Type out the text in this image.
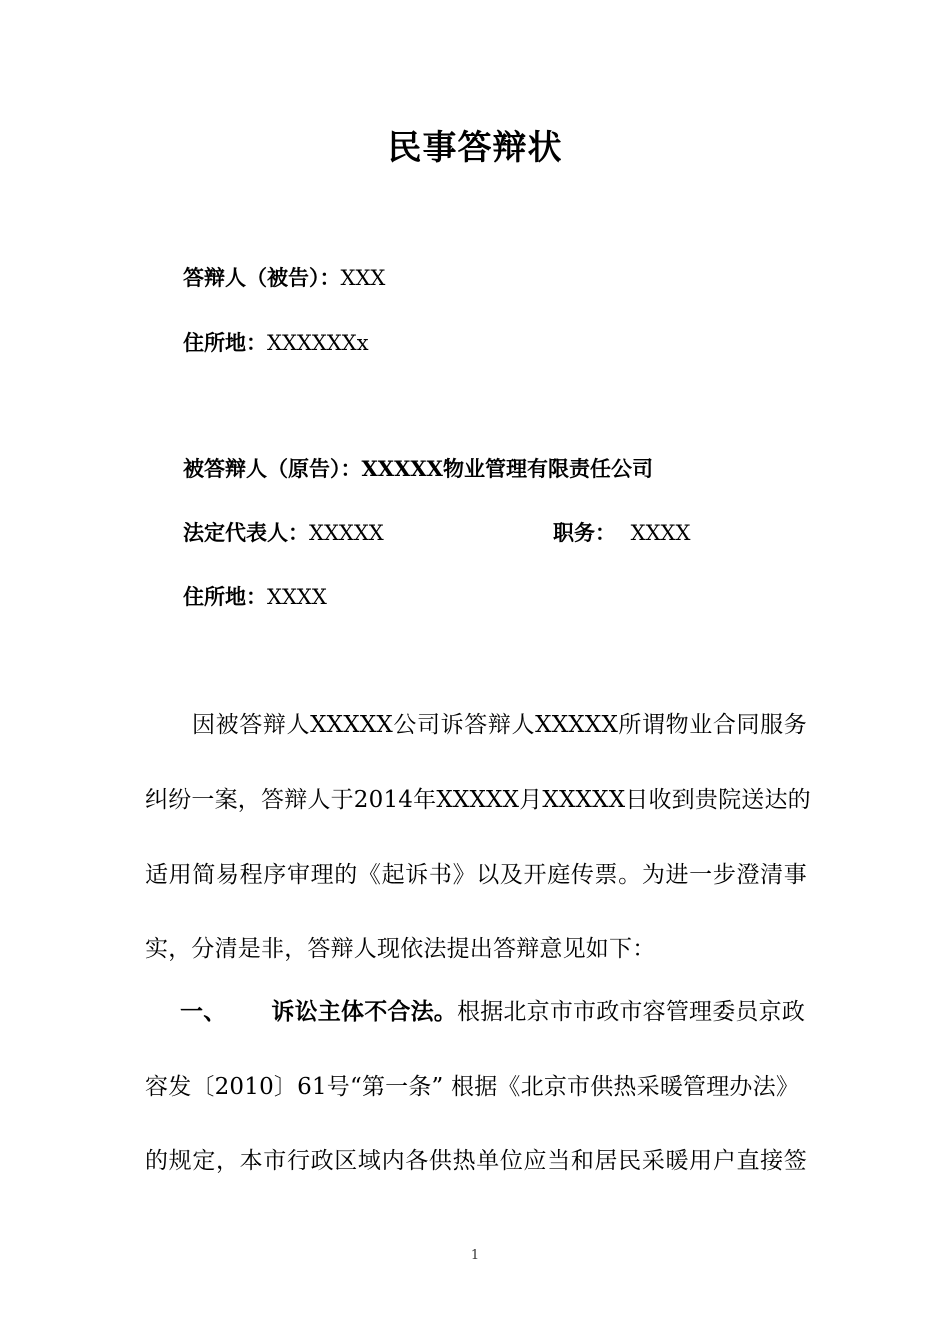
民事答辩状
答辩人（被告）：XXX
住所地：XXXXXXx
被答辩人（原告）：XXXXX物业管理有限责任公司
法定代表人：XXXXX	职务： XXXX
住所地：XXXX
因被答辩人XXXXX公司诉答辩人XXXXX所谓物业合同服务
纠纷一案，答辩人于2014年XXXXX月XXXXX日收到贵院送达的
适用简易程序审理的《起诉书》以及开庭传票。为进一步澄清事
实，分清是非，答辩人现依法提出答辩意见如下：
一、 诉讼主体不合法。根据北京市市政市容管理委员京政
容发〔2010〕61号“第一条” 根据《北京市供热采暖管理办法》
的规定，本市行政区域内各供热单位应当和居民采暖用户直接签
1
